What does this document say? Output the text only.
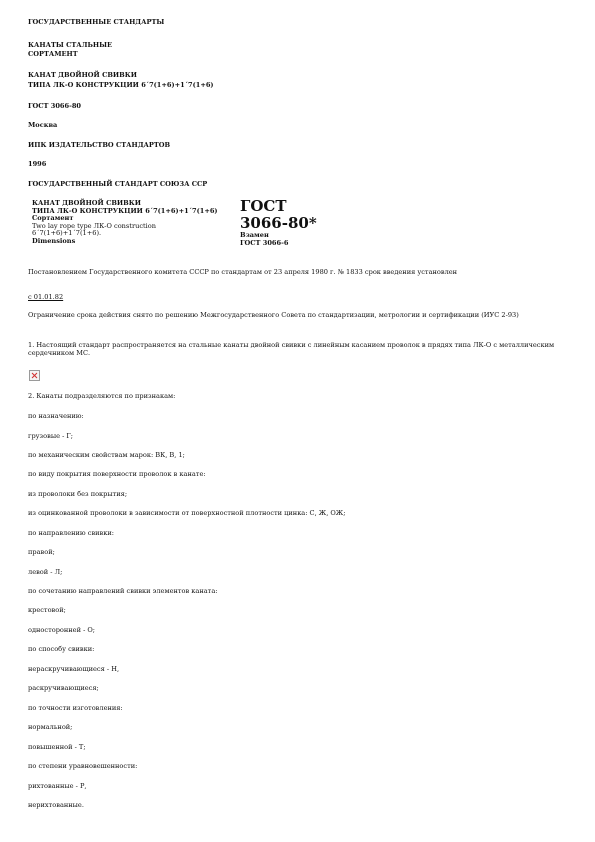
ГОСУДАРСТВЕННЫЕ СТАНДАРТЫ
КАНАТЫ СТАЛЬНЫЕ
СОРТАМЕНТ
КАНАТ ДВОЙНОЙ СВИВКИ
ТИПА ЛК-О КОНСТРУКЦИИ 6´7(1+6)+1´7(1+6)
ГОСТ 3066-80
Москва
ИПК ИЗДАТЕЛЬСТВО СТАНДАРТОВ
1996
ГОСУДАРСТВЕННЫЙ СТАНДАРТ СОЮЗА ССР
КАНАТ ДВОЙНОЙ СВИВКИ
ТИПА ЛК-О КОНСТРУКЦИИ 6´7(1+6)+1´7(1+6)
Сортамент
Two lay rope type ЛК-О construction
6´7(1+6)+1´7(1+6).
Dimensions
ГОСТ
3066-80*
Взамен
ГОСТ 3066-6
Постановлением Государственного комитета СССР по стандартам от 23 апреля 1980 г. № 1833 срок введения установлен
с 01.01.82
Ограничение срока действия снято по решению Межгосударственного Совета по стандартизации, метрологии и сертификации (ИУС 2-93)
1. Настоящий стандарт распространяется на стальные канаты двойной свивки с линейным касанием проволок в прядях типа ЛК-О с металлическим сердечником МС.
2. Канаты подразделяются по признакам:
по назначению:
грузовые - Г;
по механическим свойствам марок: ВК, В, 1;
по виду покрытия поверхности проволок в канате:
из проволоки без покрытия;
из оцинкованной проволоки в зависимости от поверхностной плотности цинка: С, Ж, ОЖ;
по направлению свивки:
правой;
левой - Л;
по сочетанию направлений свивки элементов каната:
крестовой;
односторонней - О;
по способу свивки:
нераскручивающиеся - Н,
раскручивающиеся;
по точности изготовления:
нормальной;
повышенной - Т;
по степени уравновешенности:
рихтованные - Р,
нерихтованные.
